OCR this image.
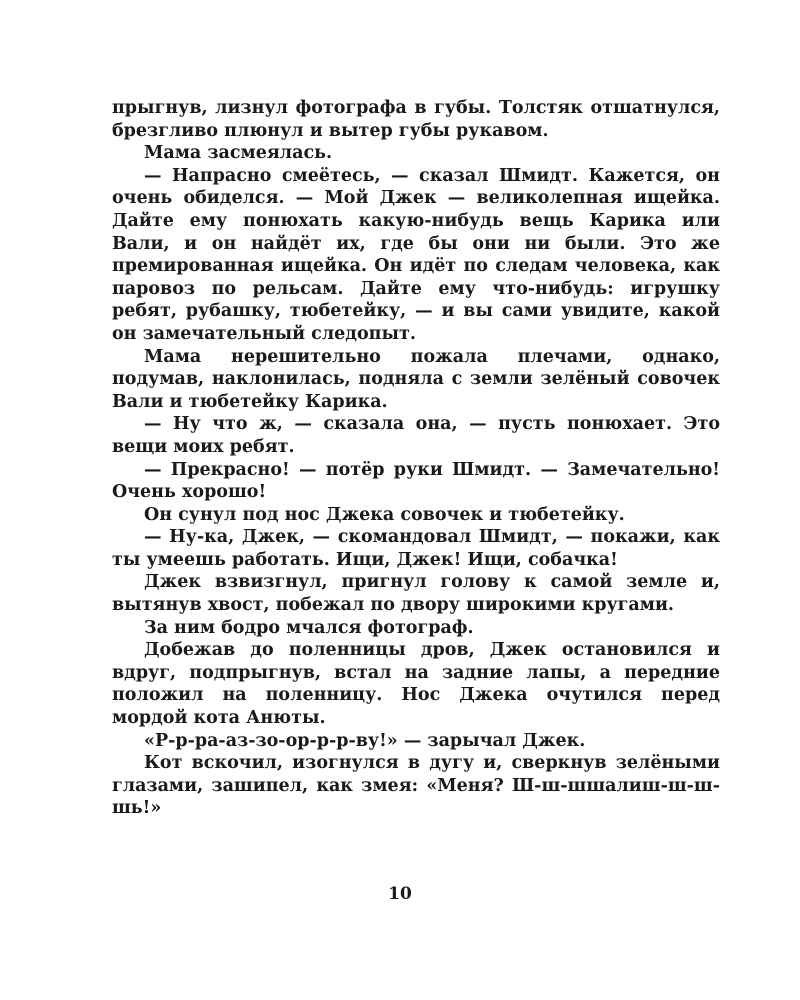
прыгнув, лизнул фотографа в губы. Толстяк отшатнулся, брезгливо плюнул и вытер губы рукавом.

Мама засмеялась.

— Напрасно смеётесь, — сказал Шмидт. Кажется, он очень обиделся. — Мой Джек — великолепная ищейка. Дайте ему понюхать какую-нибудь вещь Карика или Вали, и он найдёт их, где бы они ни были. Это же премированная ищейка. Он идёт по следам человека, как паровоз по рельсам. Дайте ему что-нибудь: игрушку ребят, рубашку, тюбетейку, — и вы сами увидите, какой он замечательный следопыт.

Мама нерешительно пожала плечами, однако, подумав, наклонилась, подняла с земли зелёный совочек Вали и тюбетейку Карика.

— Ну что ж, — сказала она, — пусть понюхает. Это вещи моих ребят.

— Прекрасно! — потёр руки Шмидт. — Замечательно! Очень хорошо!

Он сунул под нос Джека совочек и тюбетейку.

— Ну-ка, Джек, — скомандовал Шмидт, — покажи, как ты умеешь работать. Ищи, Джек! Ищи, собачка!

Джек взвизгнул, пригнул голову к самой земле и, вытянув хвост, побежал по двору широкими кругами.

За ним бодро мчался фотограф.

Добежав до поленницы дров, Джек остановился и вдруг, подпрыгнув, встал на задние лапы, а передние положил на поленницу. Нос Джека очутился перед мордой кота Анюты.

«Р-р-ра-аз-зо-ор-р-р-ву!» — зарычал Джек.

Кот вскочил, изогнулся в дугу и, сверкнув зелёными глазами, зашипел, как змея: «Меня? Ш-ш-шшалиш-ш-ш-шь!»

10
